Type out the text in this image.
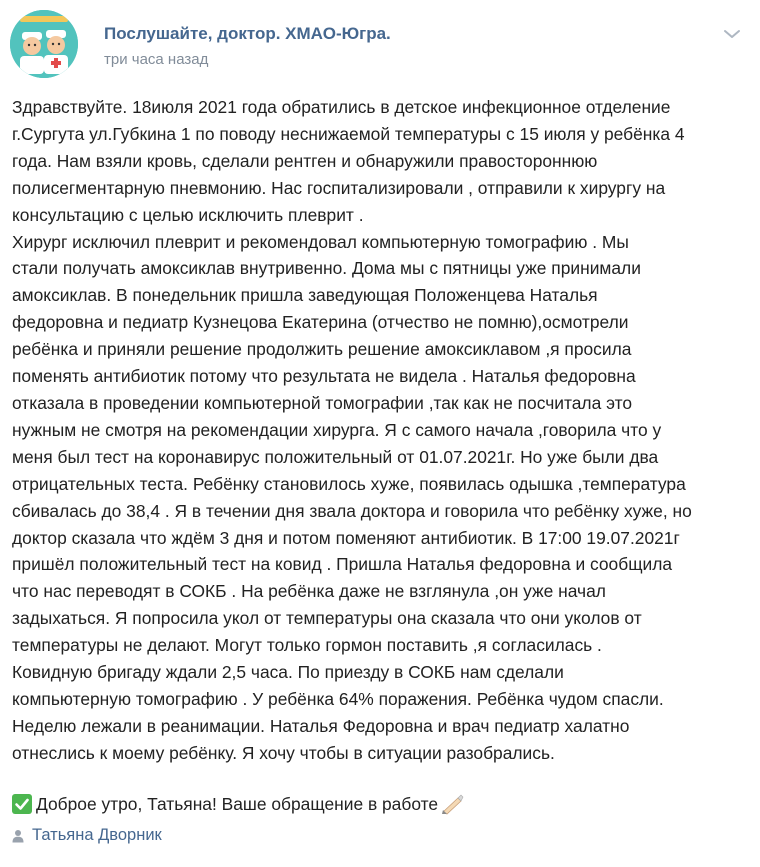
Послушайте, доктор. ХМАО-Югра.
три часа назад

Здравствуйте. 18июля 2021 года обратились в детское инфекционное отделение

г.Сургута ул.Губкина 1 по поводу неснижаемой температуры с 15 июля у ребёнка 4

года. Нам взяли кровь, сделали рентген и обнаружили правостороннюю

полисегментарную пневмонию. Нас госпитализировали , отправили к хирургу на

консультацию с целью исключить плеврит .

Хирург исключил плеврит и рекомендовал компьютерную томографию . Мы

стали получать амоксиклав внутривенно. Дома мы с пятницы уже принимали

амоксиклав. В понедельник пришла заведующая Положенцева Наталья

федоровна и педиатр Кузнецова Екатерина (отчество не помню),осмотрели

ребёнка и приняли решение продолжить решение амоксиклавом ,я просила

поменять антибиотик потому что результата не видела . Наталья федоровна

отказала в проведении компьютерной томографии ,так как не посчитала это

нужным не смотря на рекомендации хирурга. Я с самого начала ,говорила что у

меня был тест на коронавирус положительный от 01.07.2021г. Но уже были два

отрицательных теста. Ребёнку становилось хуже, появилась одышка ,температура

сбивалась до 38,4 . Я в течении дня звала доктора и говорила что ребёнку хуже, но

доктор сказала что ждём 3 дня и потом поменяют антибиотик. В 17:00 19.07.2021г

пришёл положительный тест на ковид . Пришла Наталья федоровна и сообщила

что нас переводят в СОКБ . На ребёнка даже не взглянула ,он уже начал

задыхаться. Я попросила укол от температуры она сказала что они уколов от

температуры не делают. Могут только гормон поставить ,я согласилась .

Ковидную бригаду ждали 2,5 часа. По приезду в СОКБ нам сделали

компьютерную томографию . У ребёнка 64% поражения. Ребёнка чудом спасли.

Неделю лежали в реанимации. Наталья Федоровна и врач педиатр халатно

отнеслись к моему ребёнку. Я хочу чтобы в ситуации разобрались.

Доброе утро, Татьяна! Ваше обращение в работе
Татьяна Дворник
